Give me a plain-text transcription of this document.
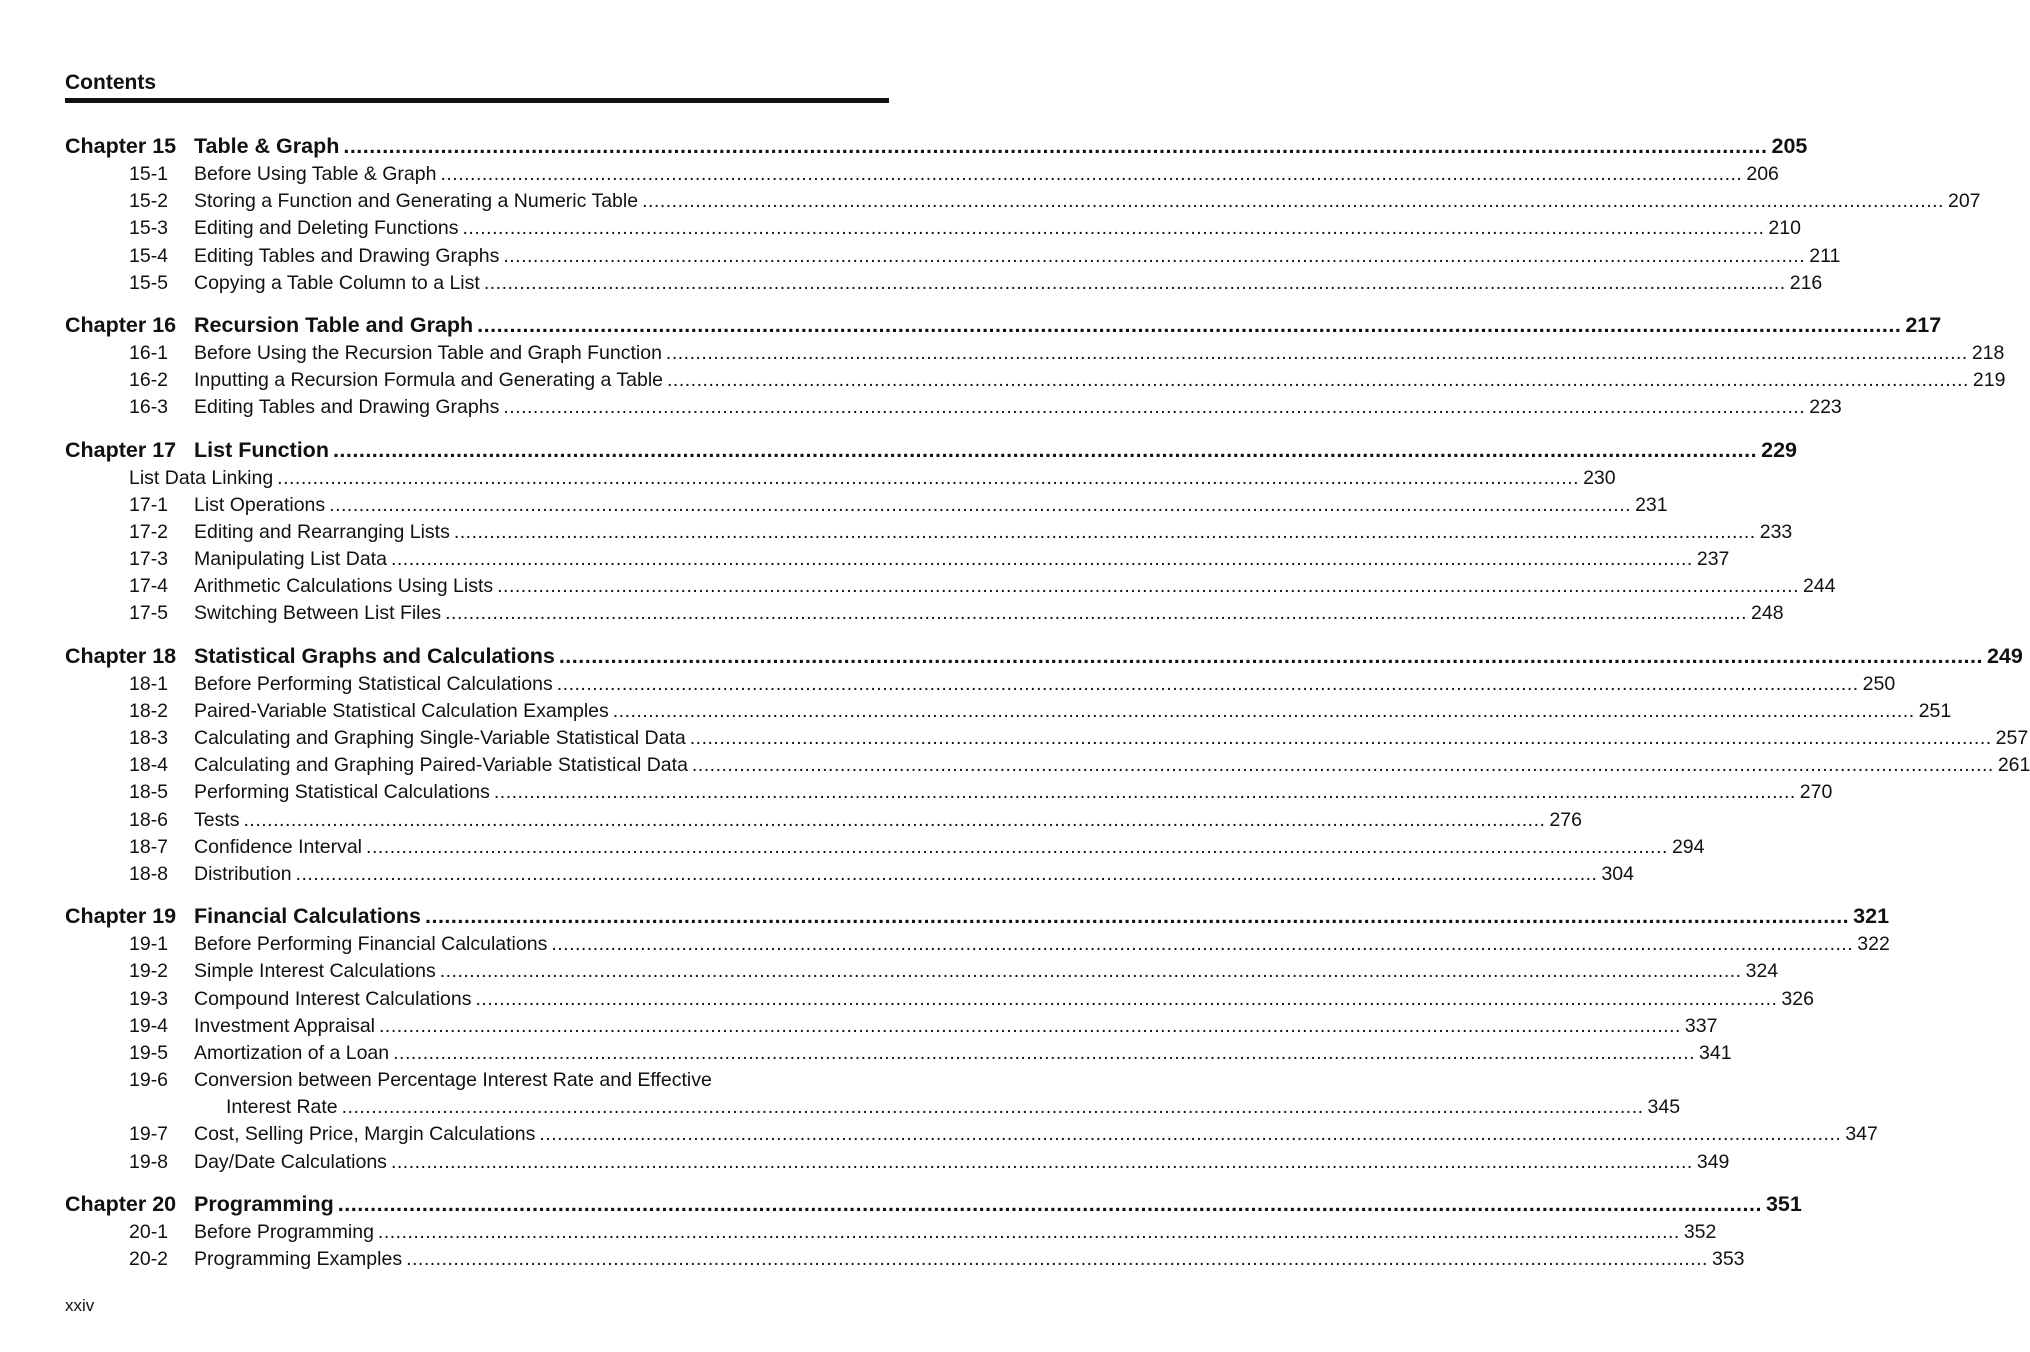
Contents
Chapter 15 Table & Graph ............................................................................................................................................................................................................................ 205
15-1 Before Using Table & Graph ............................................................................................................................................................................................................................ 206
15-2 Storing a Function and Generating a Numeric Table ............................................................................................................................................................................................................................ 207
15-3 Editing and Deleting Functions ............................................................................................................................................................................................................................ 210
15-4 Editing Tables and Drawing Graphs ............................................................................................................................................................................................................................ 211
15-5 Copying a Table Column to a List ............................................................................................................................................................................................................................ 216
Chapter 16 Recursion Table and Graph ............................................................................................................................................................................................................................ 217
16-1 Before Using the Recursion Table and Graph Function ............................................................................................................................................................................................................................ 218
16-2 Inputting a Recursion Formula and Generating a Table ............................................................................................................................................................................................................................ 219
16-3 Editing Tables and Drawing Graphs ............................................................................................................................................................................................................................ 223
Chapter 17 List Function ............................................................................................................................................................................................................................ 229
List Data Linking ............................................................................................................................................................................................................................ 230
17-1 List Operations ............................................................................................................................................................................................................................ 231
17-2 Editing and Rearranging Lists ............................................................................................................................................................................................................................ 233
17-3 Manipulating List Data ............................................................................................................................................................................................................................ 237
17-4 Arithmetic Calculations Using Lists ............................................................................................................................................................................................................................ 244
17-5 Switching Between List Files ............................................................................................................................................................................................................................ 248
Chapter 18 Statistical Graphs and Calculations ............................................................................................................................................................................................................................ 249
18-1 Before Performing Statistical Calculations ............................................................................................................................................................................................................................ 250
18-2 Paired-Variable Statistical Calculation Examples ............................................................................................................................................................................................................................ 251
18-3 Calculating and Graphing Single-Variable Statistical Data ............................................................................................................................................................................................................................ 257
18-4 Calculating and Graphing Paired-Variable Statistical Data ............................................................................................................................................................................................................................ 261
18-5 Performing Statistical Calculations ............................................................................................................................................................................................................................ 270
18-6 Tests ............................................................................................................................................................................................................................ 276
18-7 Confidence Interval ............................................................................................................................................................................................................................ 294
18-8 Distribution ............................................................................................................................................................................................................................ 304
Chapter 19 Financial Calculations ............................................................................................................................................................................................................................ 321
19-1 Before Performing Financial Calculations ............................................................................................................................................................................................................................ 322
19-2 Simple Interest Calculations ............................................................................................................................................................................................................................ 324
19-3 Compound Interest Calculations ............................................................................................................................................................................................................................ 326
19-4 Investment Appraisal ............................................................................................................................................................................................................................ 337
19-5 Amortization of a Loan ............................................................................................................................................................................................................................ 341
19-6 Conversion between Percentage Interest Rate and Effective
Interest Rate ............................................................................................................................................................................................................................ 345
19-7 Cost, Selling Price, Margin Calculations ............................................................................................................................................................................................................................ 347
19-8 Day/Date Calculations ............................................................................................................................................................................................................................ 349
Chapter 20 Programming ............................................................................................................................................................................................................................ 351
20-1 Before Programming ............................................................................................................................................................................................................................ 352
20-2 Programming Examples ............................................................................................................................................................................................................................ 353
xxiv
